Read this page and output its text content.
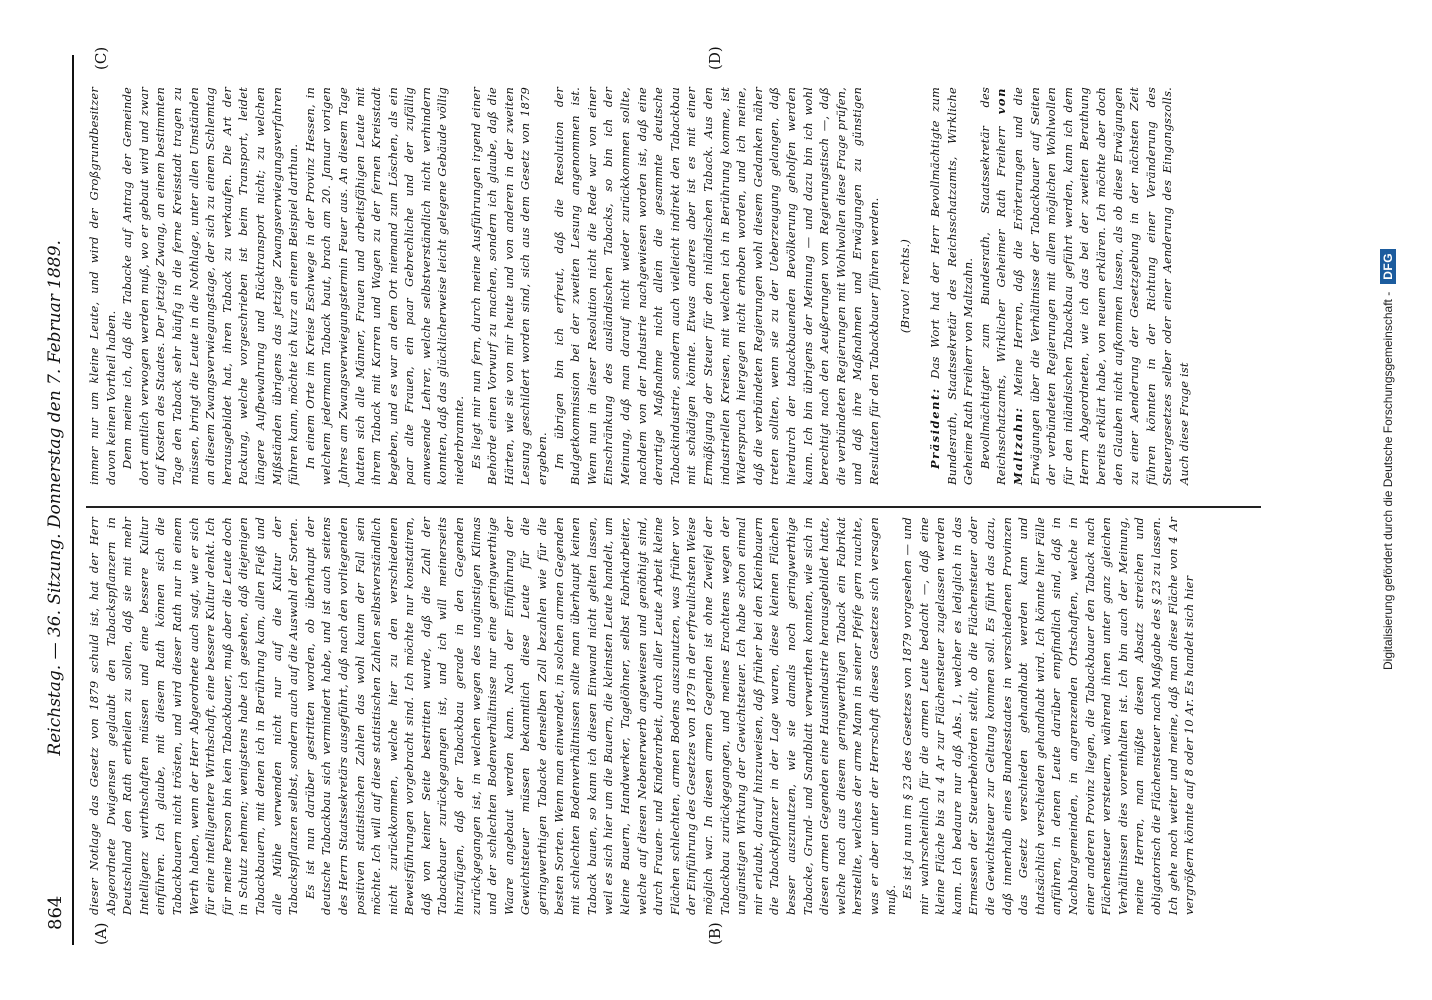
864
Reichstag. — 36. Sitzung. Donnerstag den 7. Februar 1889.
(A)	(B)
(C)	(D)

dieser Notlage das Gesetz von 1879 schuld ist, hat der Herr Abgeordnete Dwigensen geglaubt den Tabackspflanzern in Deutschland den Rath ertheilen zu sollen, daß sie mit mehr Intelligenz wirthschaften müssen und eine bessere Kultur einführen. Ich glaube, mit diesem Rath können sich die Tabackbauern nicht trösten, und wird dieser Rath nur in einem Werth haben, wenn der Herr Abgeordnete auch sagt, wie er sich für eine intelligentere Wirthschaft, eine bessere Kultur denkt. Ich für meine Person bin kein Tabackbauer, muß aber die Leute doch in Schutz nehmen; wenigstens habe ich gesehen, daß diejenigen Tabackbauern, mit denen ich in Berührung kam, allen Fleiß und alle Mühe verwenden nicht nur auf die Kultur der Tabackspflanzen selbst, sondern auch auf die Auswahl der Sorten. Es ist nun darüber gestritten worden, ob überhaupt der deutsche Tabackbau sich vermindert habe, und ist auch seitens des Herrn Staatssekretärs ausgeführt, daß nach den vorliegenden positiven statistischen Zahlen das wohl kaum der Fall sein möchte. Ich will auf diese statistischen Zahlen selbstverständlich nicht zurückkommen, welche hier zu den verschiedenen Beweisführungen vorgebracht sind. Ich möchte nur konstatiren, daß von keiner Seite bestritten wurde, daß die Zahl der Tabackbauer zurückgegangen ist, und ich will meinerseits hinzufügen, daß der Tabackbau gerade in den Gegenden zurückgegangen ist, in welchen wegen des ungünstigen Klimas und der schlechten Bodenverhältnisse nur eine geringwerthige Waare angebaut werden kann. Nach der Einführung der Gewichtsteuer müssen bekanntlich diese Leute für die geringwerthigen Tabacke denselben Zoll bezahlen wie für die besten Sorten. Wenn man einwendet, in solchen armen Gegenden mit schlechten Bodenverhältnissen sollte man überhaupt keinen Taback bauen, so kann ich diesen Einwand nicht gelten lassen, weil es sich hier um die Bauern, die kleinsten Leute handelt, um kleine Bauern, Handwerker, Tagelöhner, selbst Fabrikarbeiter, welche auf diesen Nebenerwerb angewiesen und genöthigt sind, durch Frauen- und Kinderarbeit, durch aller Leute Arbeit kleine Flächen schlechten, armen Bodens auszunutzen, was früher vor der Einführung des Gesetzes von 1879 in der erfreulichsten Weise möglich war. In diesen armen Gegenden ist ohne Zweifel der Tabackbau zurückgegangen, und meines Erachtens wegen der ungünstigen Wirkung der Gewichtsteuer. Ich habe schon einmal mir erlaubt, darauf hinzuweisen, daß früher bei den Kleinbauern die Tabackpflanzer in der Lage waren, diese kleinen Flächen besser auszunutzen, wie sie damals noch geringwerthige Tabacke, Grund- und Sandblatt verwerthen konnten, wie sich in diesen armen Gegenden eine Hausindustrie herausgebildet hatte, welche nach aus diesem geringwerthigen Taback ein Fabrikat herstellte, welches der arme Mann in seiner Pfeife gern rauchte, was er aber unter der Herrschaft dieses Gesetzes sich versagen muß.

Es ist ja nun im § 23 des Gesetzes von 1879 vorgesehen — und mir wahrscheinlich für die armen Leute bedacht —, daß eine kleine Fläche bis zu 4 Ar zur Flächensteuer zugelassen werden kann. Ich bedaure nur daß Abs. 1, welcher es lediglich in das Ermessen der Steuerbehörden stellt, ob die Flächensteuer oder die Gewichtsteuer zur Geltung kommen soll. Es führt das dazu, daß innerhalb eines Bundesstaates in verschiedenen Provinzen das Gesetz verschieden gehandhabt werden kann und thatsächlich verschieden gehandhabt wird. Ich könnte hier Fälle anführen, in denen Leute darüber empfindlich sind, daß in Nachbargemeinden, in angrenzenden Ortschaften, welche in einer anderen Provinz liegen, die Tabackbauer den Taback nach Flächensteuer versteuern, während ihnen unter ganz gleichen Verhältnissen dies vorenthalten ist. Ich bin auch der Meinung, meine Herren, man müßte diesen Absatz streichen und obligatorisch die Flächensteuer nach Maßgabe des § 23 zu lassen. Ich gehe noch weiter und meine, daß man diese Fläche von 4 Ar vergrößern könnte auf 8 oder 10 Ar. Es handelt sich hier

immer nur um kleine Leute, und wird der Großgrundbesitzer davon keinen Vortheil haben. Denn meine ich, daß die Tabacke auf Antrag der Gemeinde dort amtlich verwogen werden muß, wo er gebaut wird und zwar auf Kosten des Staates. Der jetzige Zwang, an einem bestimmten Tage den Taback sehr häufig in die ferne Kreisstadt tragen zu müssen, bringt die Leute in die Nothlage, unter allen Umständen an diesem Zwangsverwiegungstage, der sich zu einem Schlemtag herausgebildet hat, ihren Taback zu verkaufen. Die Art der Packung, welche vorgeschrieben ist beim Transport, leidet längere Aufbewahrung und Rücktransport nicht; zu welchen Mißständen übrigens das jetzige Zwangsverwiegungsverfahren führen kann, möchte ich kurz an einem Beispiel darthun. In einem Orte im Kreise Eschwege in der Provinz Hessen, in welchem jedermann Taback baut, brach am 20. Januar vorigen Jahres am Zwangsverwiegungstermin Feuer aus. An diesem Tage hatten sich alle Männer, Frauen und arbeitsfähigen Leute mit ihrem Taback mit Karren und Wagen zu der fernen Kreisstadt begeben, und es war an dem Ort niemand zum Löschen, als ein paar alte Frauen, ein paar Gebrechliche und der zufällig anwesende Lehrer, welche selbstverständlich nicht verhindern konnten, daß das glücklicherweise leicht gelegene Gebäude völlig niederbrannte. Es liegt mir nun fern, durch meine Ausführungen irgend einer Behörde einen Vorwurf zu machen, sondern ich glaube, daß die Härten, wie sie von mir heute und von anderen in der zweiten Lesung geschildert worden sind, sich aus dem Gesetz von 1879 ergeben. Im übrigen bin ich erfreut, daß die Resolution der Budgetkommission bei der zweiten Lesung angenommen ist. Wenn nun in dieser Resolution nicht die Rede war von einer Einschränkung des ausländischen Tabacks, so bin ich der Meinung, daß man darauf nicht wieder zurückkommen sollte, nachdem von der Industrie nachgewiesen worden ist, daß eine derartige Maßnahme nicht allein die gesammte deutsche Tabackindustrie, sondern auch vielleicht indirekt den Tabackbau mit schädigen könnte. Etwas anderes aber ist es mit einer Ermäßigung der Steuer für den inländischen Taback. Aus den industriellen Kreisen, mit welchen ich in Berührung komme, ist Widerspruch hiergegen nicht erhoben worden, und ich meine, daß die verbündeten Regierungen wohl diesem Gedanken näher treten sollten, wenn sie zu der Ueberzeugung gelangen, daß hierdurch der tabackbauenden Bevölkerung geholfen werden kann. Ich bin übrigens der Meinung — und dazu bin ich wohl berechtigt nach den Aeußerungen vom Regierungstisch —, daß die verbündeten Regierungen mit Wohlwollen diese Frage prüfen, und daß ihre Maßnahmen und Erwägungen zu günstigen Resultaten für den Tabackbauer führen werden. (Bravo! rechts.)

Präsident: Das Wort hat der Herr Bevollmächtigte zum Bundesrath, Staatssekretär des Reichsschatzamts, Wirkliche Geheime Rath Freiherr von Maltzahn. Bevollmächtigter zum Bundesrath, Staatssekretär des Reichsschatzamts, Wirklicher Geheimer Rath Freiherr von Maltzahn: Meine Herren, daß die Erörterungen und die Erwägungen über die Verhältnisse der Tabackbauer auf Seiten der verbündeten Regierungen mit allem möglichen Wohlwollen für den inländischen Tabackbau geführt werden, kann ich dem Herrn Abgeordneten, wie ich das bei der zweiten Berathung bereits erklärt habe, von neuem erklären. Ich möchte aber doch den Glauben nicht aufkommen lassen, als ob diese Erwägungen zu einer Aenderung der Gesetzgebung in der nächsten Zeit führen könnten in der Richtung einer Veränderung des Steuergesetzes selber oder einer Aenderung des Eingangszolls. Auch diese Frage ist	Digitalisierung gefördert durch die Deutsche Forschungsgemeinschaft -
DFG
